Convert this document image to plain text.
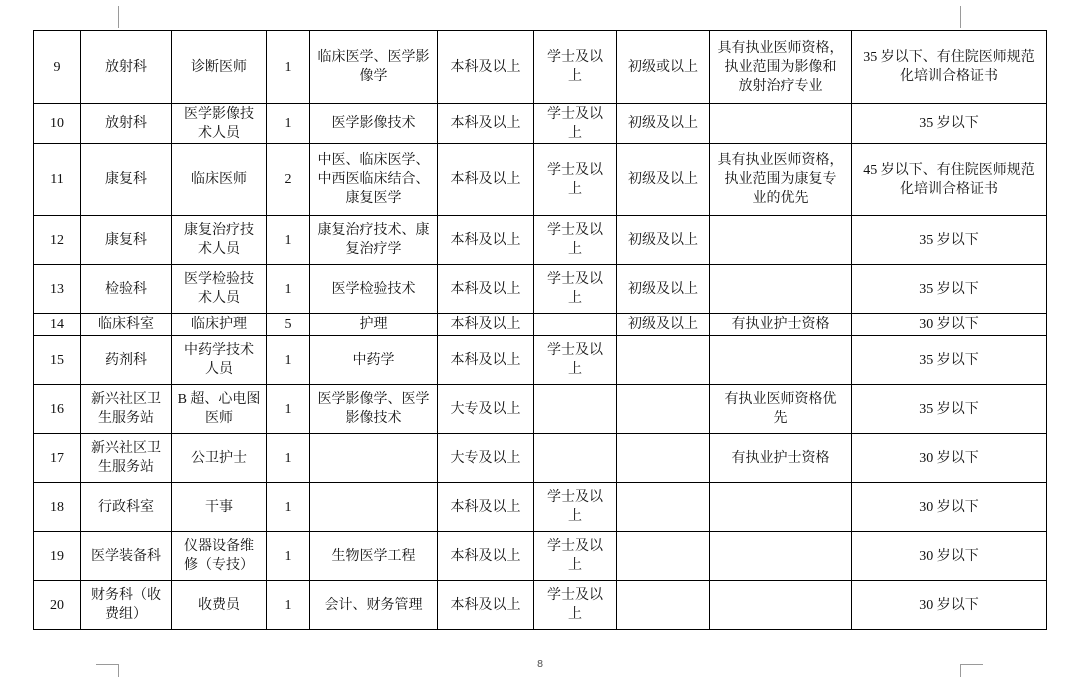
9	放射科	诊断医师	1	临床医学、医学影
像学	本科及以上	学士及以
上	初级或以上	具有执业医师资格，
执业范围为影像和
放射治疗专业	35 岁以下、有住院医师规范
化培训合格证书
10	放射科	医学影像技
术人员	1	医学影像技术	本科及以上	学士及以
上	初级及以上		35 岁以下
11	康复科	临床医师	2	中医、临床医学、
中西医临床结合、
康复医学	本科及以上	学士及以
上	初级及以上	具有执业医师资格，
执业范围为康复专
业的优先	45 岁以下、有住院医师规范
化培训合格证书
12	康复科	康复治疗技
术人员	1	康复治疗技术、康
复治疗学	本科及以上	学士及以
上	初级及以上		35 岁以下
13	检验科	医学检验技
术人员	1	医学检验技术	本科及以上	学士及以
上	初级及以上		35 岁以下
14	临床科室	临床护理	5	护理	本科及以上		初级及以上	有执业护士资格	30 岁以下
15	药剂科	中药学技术
人员	1	中药学	本科及以上	学士及以
上			35 岁以下
16	新兴社区卫
生服务站	B 超、心电图
医师	1	医学影像学、医学
影像技术	大专及以上			有执业医师资格优
先	35 岁以下
17	新兴社区卫
生服务站	公卫护士	1		大专及以上			有执业护士资格	30 岁以下
18	行政科室	干事	1		本科及以上	学士及以
上			30 岁以下
19	医学装备科	仪器设备维
修（专技）	1	生物医学工程	本科及以上	学士及以
上			30 岁以下
20	财务科（收
费组）	收费员	1	会计、财务管理	本科及以上	学士及以
上			30 岁以下
8
